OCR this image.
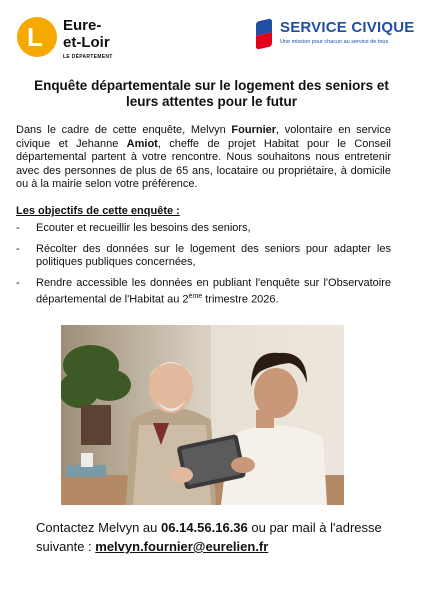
L Eure-
et-Loir
LE DÉPARTEMENT
SERVICE CIVIQUE
Une mission pour chacun au service de tous
Enquête départementale sur le logement des seniors et
leurs attentes pour le futur
Dans le cadre de cette enquête, Melvyn Fournier, volontaire en service civique et Jehanne Amiot, cheffe de projet Habitat pour le Conseil départemental partent à votre rencontre. Nous souhaitons nous entretenir avec des personnes de plus de 65 ans, locataire ou propriétaire, à domicile ou à la mairie selon votre préférence.
Les objectifs de cette enquête :
- Ecouter et recueillir les besoins des seniors,
- Récolter des données sur le logement des seniors pour adapter les politiques publiques concernées,
- Rendre accessible les données en publiant l'enquête sur l'Observatoire départemental de l'Habitat au 2ème trimestre 2026.
Contactez Melvyn au 06.14.56.16.36 ou par mail à l'adresse suivante : melvyn.fournier@eurelien.fr
